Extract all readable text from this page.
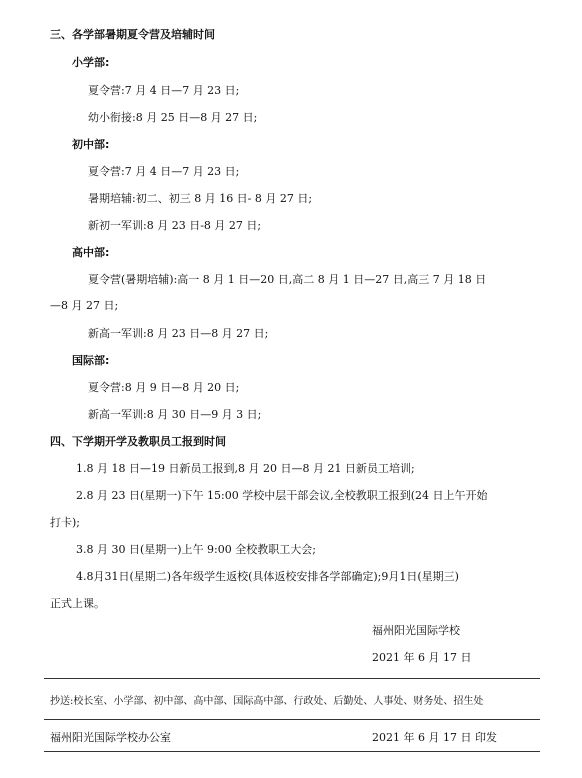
三、各学部暑期夏令营及培辅时间
小学部:
夏令营:7 月 4 日—7 月 23 日;
幼小衔接:8 月 25 日—8 月 27 日;
初中部:
夏令营:7 月 4 日—7 月 23 日;
暑期培辅:初二、初三 8 月 16 日- 8 月 27 日;
新初一军训:8 月 23 日-8 月 27 日;
高中部:
夏令营(暑期培辅):高一 8 月 1 日—20 日,高二 8 月 1 日—27 日,高三 7 月 18 日
—8 月 27 日;
新高一军训:8 月 23 日—8 月 27 日;
国际部:
夏令营:8 月 9 日—8 月 20 日;
新高一军训:8 月 30 日—9 月 3 日;
四、下学期开学及教职员工报到时间
1.8 月 18 日—19 日新员工报到,8 月 20 日—8 月 21 日新员工培训;
2.8 月 23 日(星期一)下午 15:00 学校中层干部会议,全校教职工报到(24 日上午开始
打卡);
3.8 月 30 日(星期一)上午 9:00 全校教职工大会;
4.8月31日(星期二)各年级学生返校(具体返校安排各学部确定);9月1日(星期三)
正式上课。
福州阳光国际学校
2021 年 6 月 17 日
抄送:校长室、小学部、初中部、高中部、国际高中部、行政处、后勤处、人事处、财务处、招生处
福州阳光国际学校办公室	2021 年 6 月 17 日 印发
